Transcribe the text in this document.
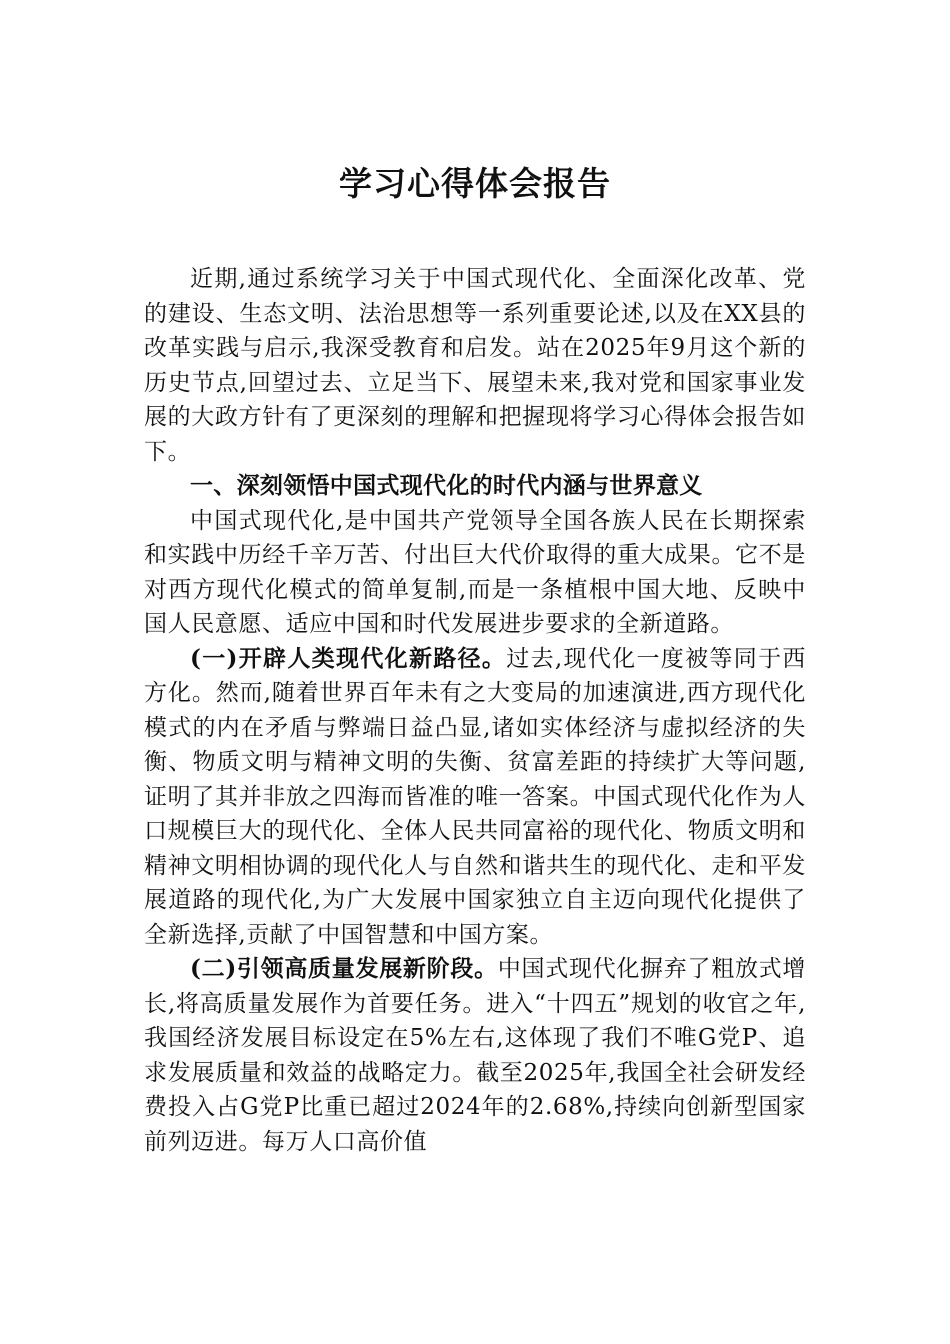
学习心得体会报告

近期,通过系统学习关于中国式现代化、全面深化改革、党的建设、生态文明、法治思想等一系列重要论述,以及在XX县的改革实践与启示,我深受教育和启发。站在2025年9月这个新的历史节点,回望过去、立足当下、展望未来,我对党和国家事业发展的大政方针有了更深刻的理解和把握现将学习心得体会报告如下。

一、深刻领悟中国式现代化的时代内涵与世界意义

中国式现代化,是中国共产党领导全国各族人民在长期探索和实践中历经千辛万苦、付出巨大代价取得的重大成果。它不是对西方现代化模式的简单复制,而是一条植根中国大地、反映中国人民意愿、适应中国和时代发展进步要求的全新道路。

(一)开辟人类现代化新路径。过去,现代化一度被等同于西方化。然而,随着世界百年未有之大变局的加速演进,西方现代化模式的内在矛盾与弊端日益凸显,诸如实体经济与虚拟经济的失衡、物质文明与精神文明的失衡、贫富差距的持续扩大等问题,证明了其并非放之四海而皆准的唯一答案。中国式现代化作为人口规模巨大的现代化、全体人民共同富裕的现代化、物质文明和精神文明相协调的现代化人与自然和谐共生的现代化、走和平发展道路的现代化,为广大发展中国家独立自主迈向现代化提供了全新选择,贡献了中国智慧和中国方案。

(二)引领高质量发展新阶段。中国式现代化摒弃了粗放式增长,将高质量发展作为首要任务。进入“十四五”规划的收官之年,我国经济发展目标设定在5%左右,这体现了我们不唯G党P、追求发展质量和效益的战略定力。截至2025年,我国全社会研发经费投入占G党P比重已超过2024年的2.68%,持续向创新型国家前列迈进。每万人口高价值
